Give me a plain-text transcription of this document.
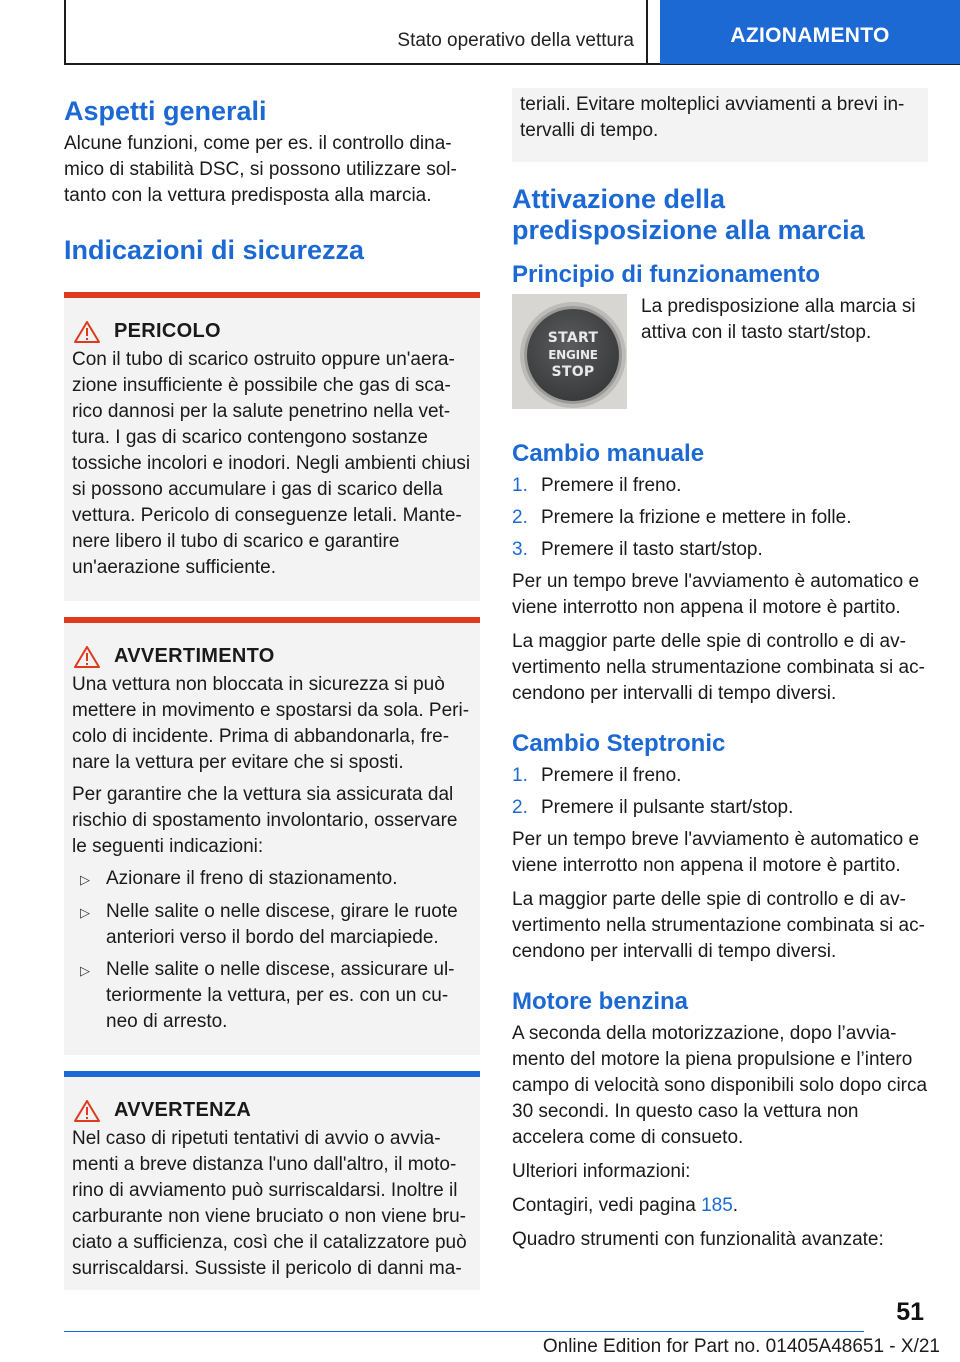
Stato operativo della vettura	AZIONAMENTO
Aspetti generali
Alcune funzioni, come per es. il controllo dinamico di stabilità DSC, si possono utilizzare soltanto con la vettura predisposta alla marcia.
Indicazioni di sicurezza
PERICOLO
Con il tubo di scarico ostruito oppure un'aerazione insufficiente è possibile che gas di scarico dannosi per la salute penetrino nella vettura. I gas di scarico contengono sostanze tossiche incolori e inodori. Negli ambienti chiusi si possono accumulare i gas di scarico della vettura. Pericolo di conseguenze letali. Mantenere libero il tubo di scarico e garantire un'aerazione sufficiente.
AVVERTIMENTO
Una vettura non bloccata in sicurezza si può mettere in movimento e spostarsi da sola. Pericolo di incidente. Prima di abbandonarla, frenare la vettura per evitare che si sposti.
Per garantire che la vettura sia assicurata dal rischio di spostamento involontario, osservare le seguenti indicazioni:
▷ Azionare il freno di stazionamento.
▷ Nelle salite o nelle discese, girare le ruote anteriori verso il bordo del marciapiede.
▷ Nelle salite o nelle discese, assicurare ulteriormente la vettura, per es. con un cuneo di arresto.
AVVERTENZA
Nel caso di ripetuti tentativi di avvio o avviamenti a breve distanza l'uno dall'altro, il motorino di avviamento può surriscaldarsi. Inoltre il carburante non viene bruciato o non viene bruciato a sufficienza, così che il catalizzatore può surriscaldarsi. Sussiste il pericolo di danni ma-
teriali. Evitare molteplici avviamenti a brevi intervalli di tempo.
Attivazione della predisposizione alla marcia
Principio di funzionamento
START
ENGINE
STOP
La predisposizione alla marcia si attiva con il tasto start/stop.
Cambio manuale
1. Premere il freno.
2. Premere la frizione e mettere in folle.
3. Premere il tasto start/stop.
Per un tempo breve l'avviamento è automatico e viene interrotto non appena il motore è partito.
La maggior parte delle spie di controllo e di avvertimento nella strumentazione combinata si accendono per intervalli di tempo diversi.
Cambio Steptronic
1. Premere il freno.
2. Premere il pulsante start/stop.
Per un tempo breve l'avviamento è automatico e viene interrotto non appena il motore è partito.
La maggior parte delle spie di controllo e di avvertimento nella strumentazione combinata si accendono per intervalli di tempo diversi.
Motore benzina
A seconda della motorizzazione, dopo l’avviamento del motore la piena propulsione e l’intero campo di velocità sono disponibili solo dopo circa 30 secondi. In questo caso la vettura non accelera come di consueto.
Ulteriori informazioni:
Contagiri, vedi pagina 185.
Quadro strumenti con funzionalità avanzate:
51
Online Edition for Part no. 01405A48651 - X/21
